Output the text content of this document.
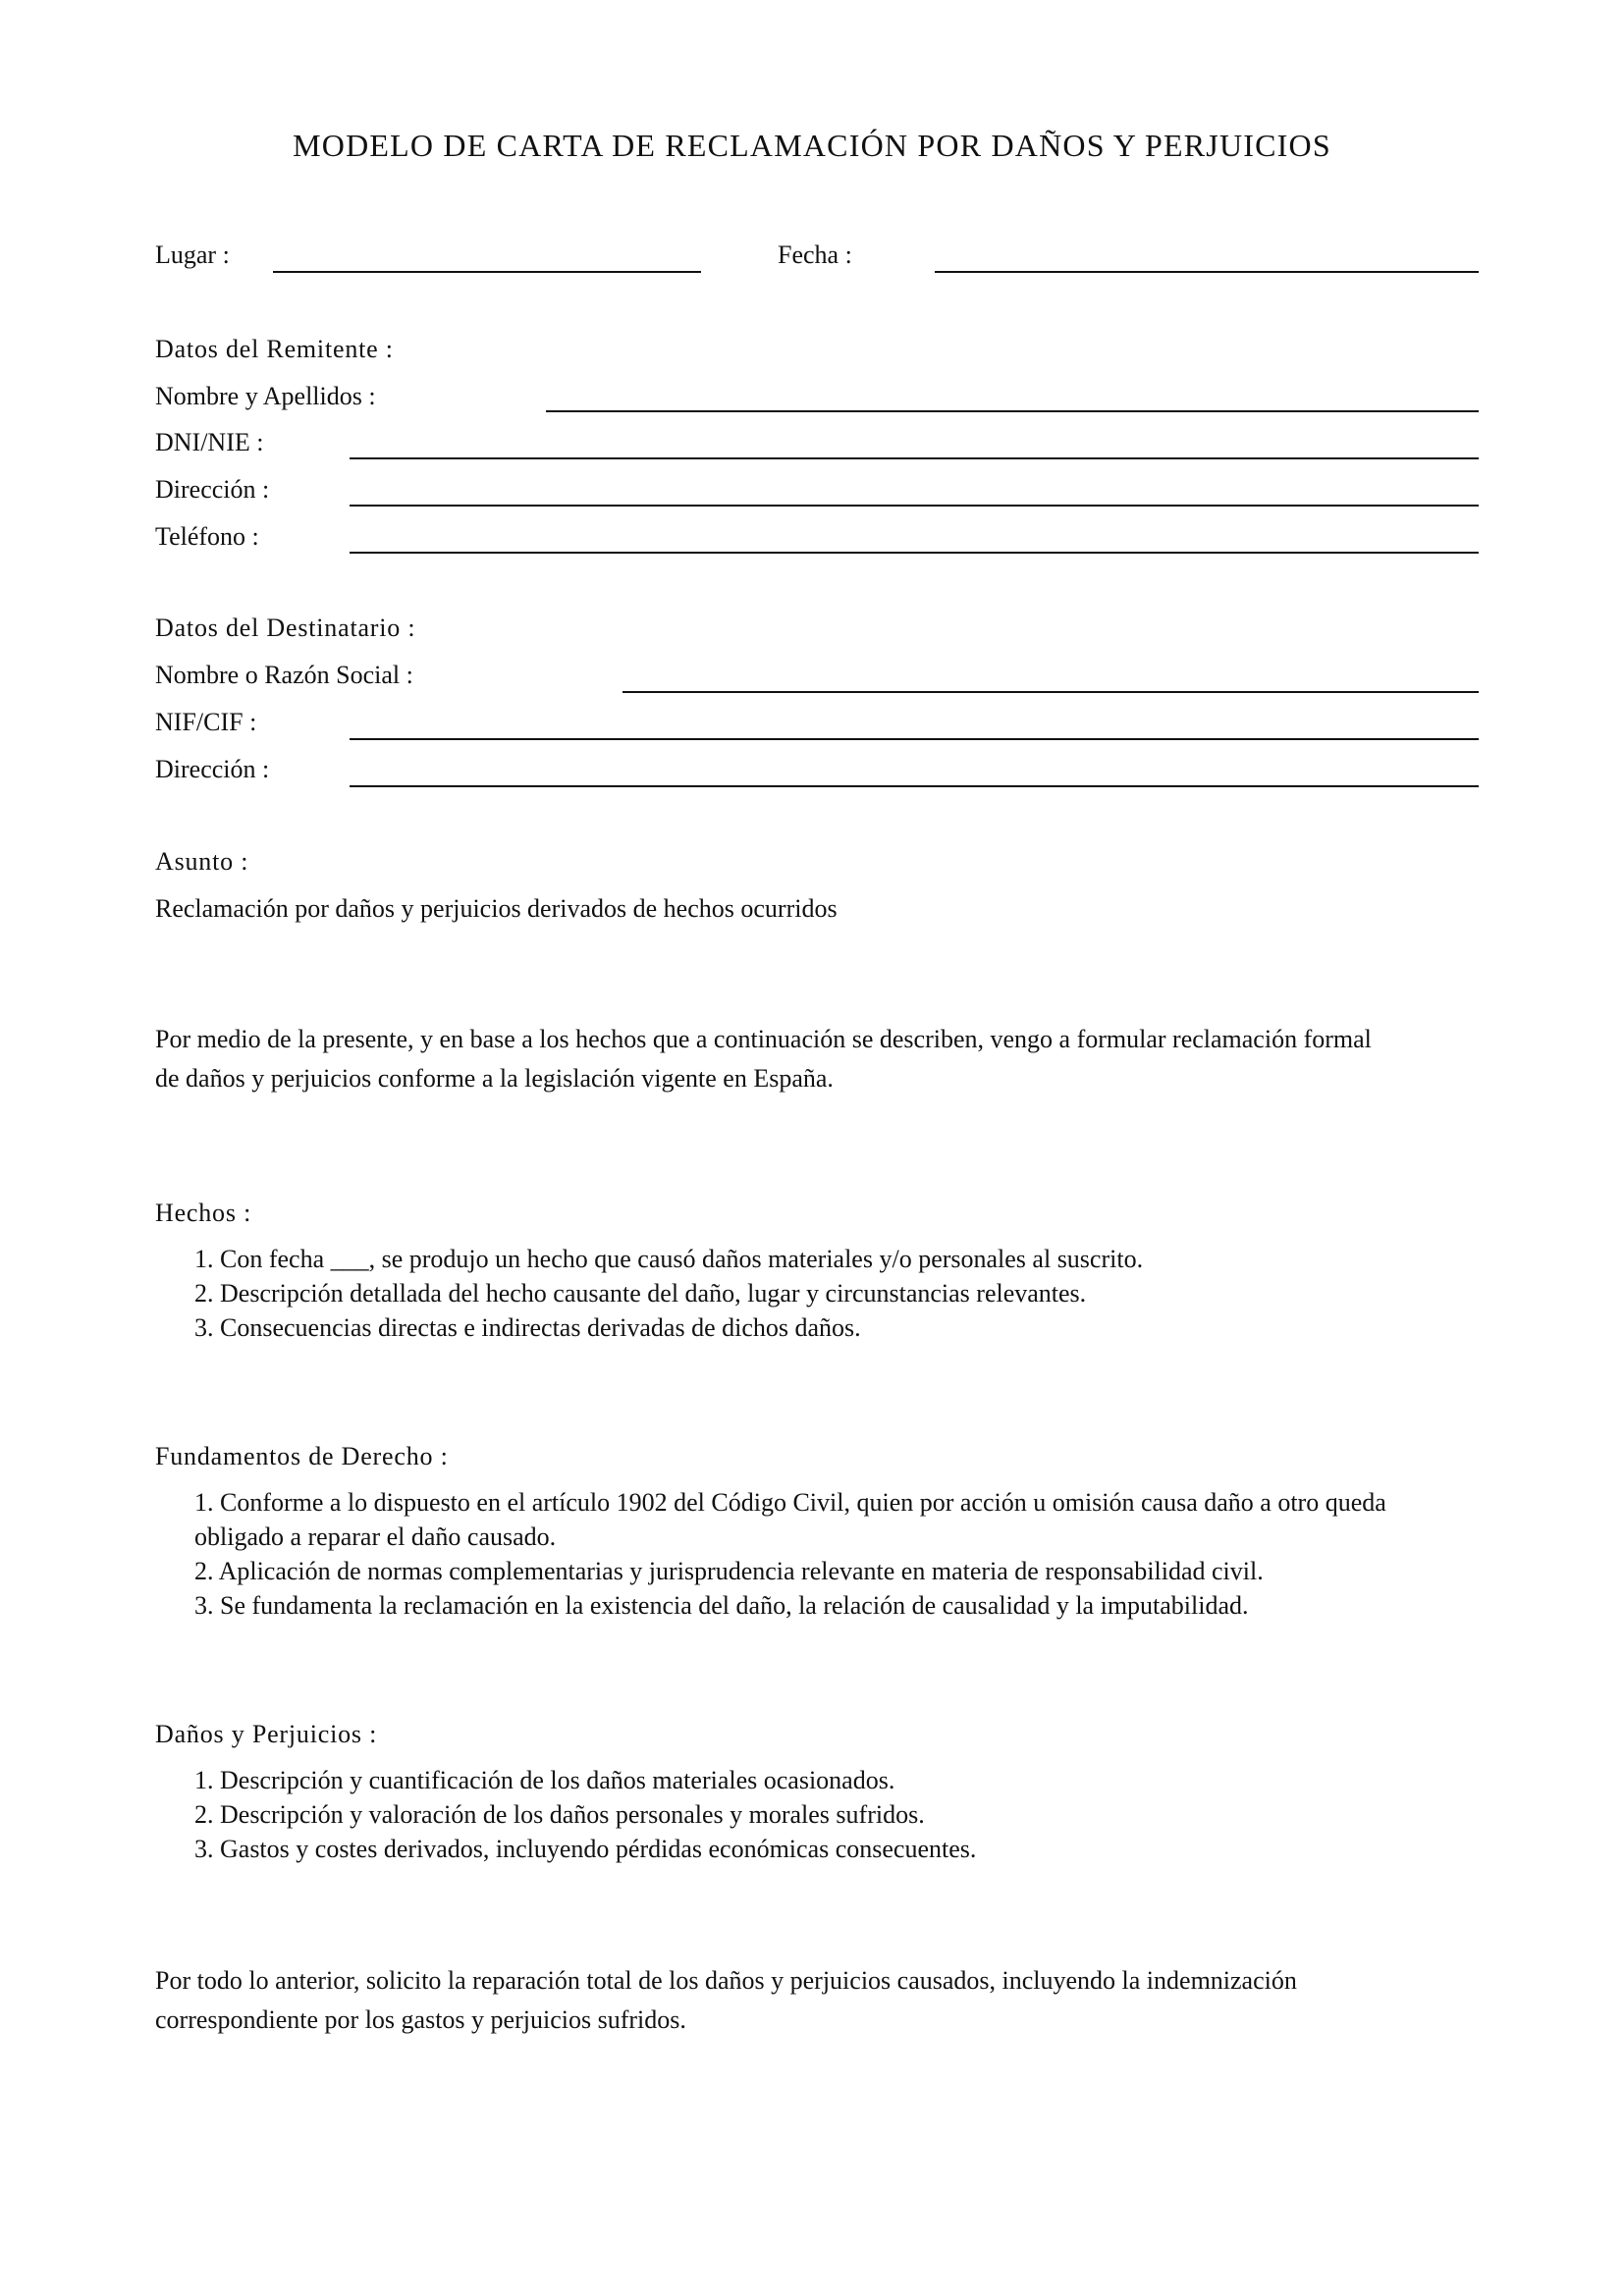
MODELO DE CARTA DE RECLAMACIÓN POR DAÑOS Y PERJUICIOS
Lugar :	Fecha :
Datos del Remitente :
Nombre y Apellidos :
DNI/NIE :
Dirección :
Teléfono :
Datos del Destinatario :
Nombre o Razón Social :
NIF/CIF :
Dirección :
Asunto :
Reclamación por daños y perjuicios derivados de hechos ocurridos
Por medio de la presente, y en base a los hechos que a continuación se describen, vengo a formular reclamación formal
de daños y perjuicios conforme a la legislación vigente en España.
Hechos :
1. Con fecha ___, se produjo un hecho que causó daños materiales y/o personales al suscrito.
2. Descripción detallada del hecho causante del daño, lugar y circunstancias relevantes.
3. Consecuencias directas e indirectas derivadas de dichos daños.
Fundamentos de Derecho :
1. Conforme a lo dispuesto en el artículo 1902 del Código Civil, quien por acción u omisión causa daño a otro queda
obligado a reparar el daño causado.
2. Aplicación de normas complementarias y jurisprudencia relevante en materia de responsabilidad civil.
3. Se fundamenta la reclamación en la existencia del daño, la relación de causalidad y la imputabilidad.
Daños y Perjuicios :
1. Descripción y cuantificación de los daños materiales ocasionados.
2. Descripción y valoración de los daños personales y morales sufridos.
3. Gastos y costes derivados, incluyendo pérdidas económicas consecuentes.
Por todo lo anterior, solicito la reparación total de los daños y perjuicios causados, incluyendo la indemnización
correspondiente por los gastos y perjuicios sufridos.
